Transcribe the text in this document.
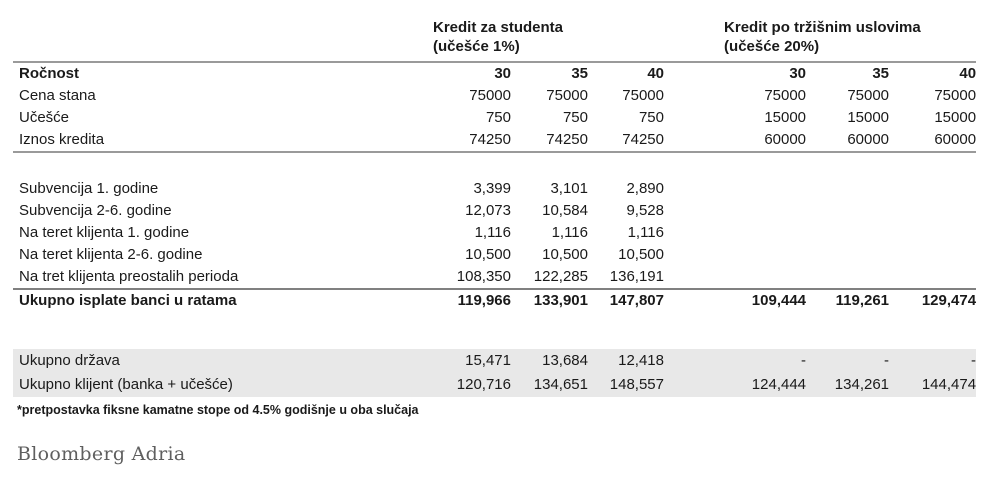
Kredit za studenta
(učešće 1%)

Kredit po tržišnim uslovima
(učešće 20%)

Ročnost	30	35	40		30	35	40
Cena stana	75000	75000	75000		75000	75000	75000
Učešće	750	750	750		15000	15000	15000
Iznos kredita	74250	74250	74250		60000	60000	60000

Subvencija 1. godine	3,399	3,101	2,890				
Subvencija 2-6. godine	12,073	10,584	9,528				
Na teret klijenta 1. godine	1,116	1,116	1,116				
Na teret klijenta 2-6. godine	10,500	10,500	10,500				
Na tret klijenta preostalih perioda	108,350	122,285	136,191				
Ukupno isplate banci u ratama	119,966	133,901	147,807		109,444	119,261	129,474

Ukupno država	15,471	13,684	12,418		-	-	-
Ukupno klijent (banka + učešće)	120,716	134,651	148,557		124,444	134,261	144,474
*pretpostavka fiksne kamatne stope od 4.5% godišnje u oba slučaja
Bloomberg Adria
